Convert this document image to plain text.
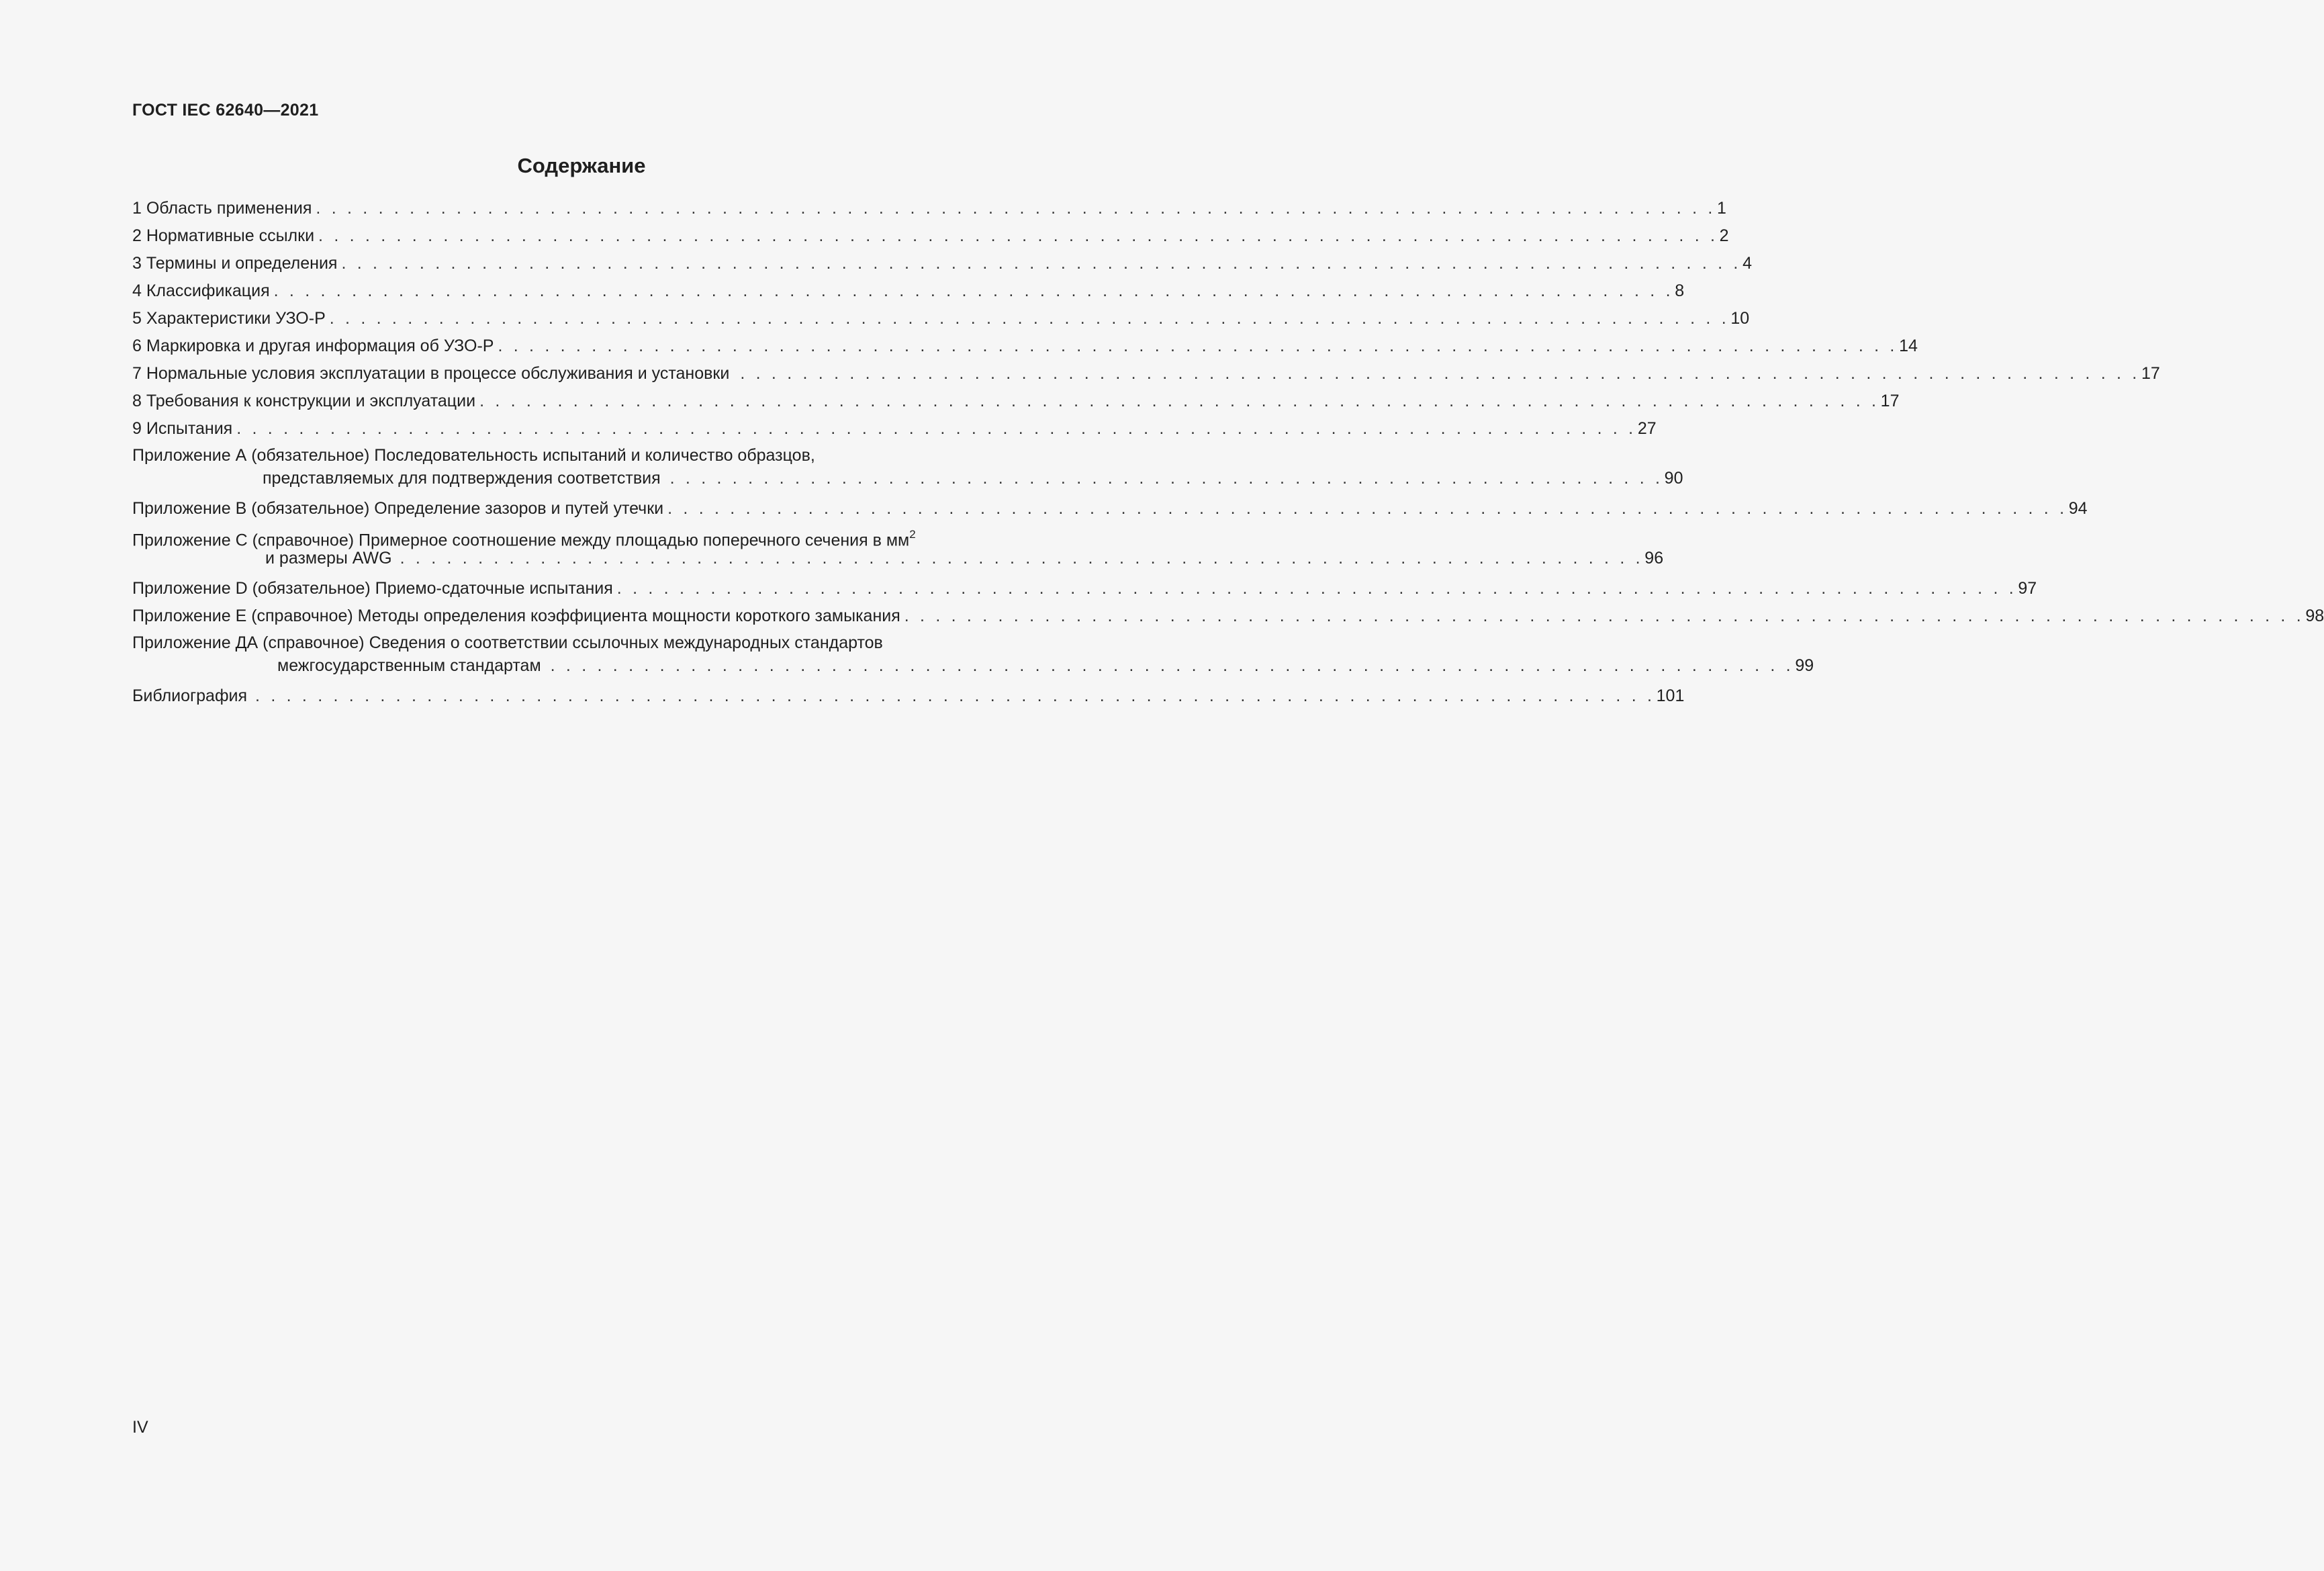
ГОСТ IEC 62640—2021
Содержание
1 Область применения . . . . . . . . . . . . . . . . . . . . . . . . . . . . . . . . . . . . . . . . . . . . . . . . . . . . . . . . . . . . . . . . . . . . . . . . . . . . . . . . . . . . . . . . . . 1
2 Нормативные ссылки . . . . . . . . . . . . . . . . . . . . . . . . . . . . . . . . . . . . . . . . . . . . . . . . . . . . . . . . . . . . . . . . . . . . . . . . . . . . . . . . . . . . . . . . . . 2
3 Термины и определения . . . . . . . . . . . . . . . . . . . . . . . . . . . . . . . . . . . . . . . . . . . . . . . . . . . . . . . . . . . . . . . . . . . . . . . . . . . . . . . . . . . . . . . . . . 4
4 Классификация . . . . . . . . . . . . . . . . . . . . . . . . . . . . . . . . . . . . . . . . . . . . . . . . . . . . . . . . . . . . . . . . . . . . . . . . . . . . . . . . . . . . . . . . . . 8
5 Характеристики УЗО-Р . . . . . . . . . . . . . . . . . . . . . . . . . . . . . . . . . . . . . . . . . . . . . . . . . . . . . . . . . . . . . . . . . . . . . . . . . . . . . . . . . . . . . . . . . . 10
6 Маркировка и другая информация об УЗО-Р . . . . . . . . . . . . . . . . . . . . . . . . . . . . . . . . . . . . . . . . . . . . . . . . . . . . . . . . . . . . . . . . . . . . . . . . . . . . . . . . . . . . . . . . . . 14
7 Нормальные условия эксплуатации в процессе обслуживания и установки . . . . . . . . . . . . . . . . . . . . . . . . . . . . . . . . . . . . . . . . . . . . . . . . . . . . . . . . . . . . . . . . . . . . . . . . . . . . . . . . . . . . . . . . . . 17
8 Требования к конструкции и эксплуатации . . . . . . . . . . . . . . . . . . . . . . . . . . . . . . . . . . . . . . . . . . . . . . . . . . . . . . . . . . . . . . . . . . . . . . . . . . . . . . . . . . . . . . . . . . 17
9 Испытания . . . . . . . . . . . . . . . . . . . . . . . . . . . . . . . . . . . . . . . . . . . . . . . . . . . . . . . . . . . . . . . . . . . . . . . . . . . . . . . . . . . . . . . . . . 27
Приложение А (обязательное) Последовательность испытаний и количество образцов,
представляемых для подтверждения соответствия . . . . . . . . . . . . . . . . . . . . . . . . . . . . . . . . . . . . . . . . . . . . . . . . . . . . . . . . . . . . . . . . 90
Приложение В (обязательное) Определение зазоров и путей утечки . . . . . . . . . . . . . . . . . . . . . . . . . . . . . . . . . . . . . . . . . . . . . . . . . . . . . . . . . . . . . . . . . . . . . . . . . . . . . . . . . . . . . . . . . . 94
Приложение С (справочное) Примерное соотношение между площадью поперечного сечения в $мм^2$
и размеры AWG . . . . . . . . . . . . . . . . . . . . . . . . . . . . . . . . . . . . . . . . . . . . . . . . . . . . . . . . . . . . . . . . . . . . . . . . . . . . . . . . 96
Приложение D (обязательное) Приемо-сдаточные испытания . . . . . . . . . . . . . . . . . . . . . . . . . . . . . . . . . . . . . . . . . . . . . . . . . . . . . . . . . . . . . . . . . . . . . . . . . . . . . . . . . . . . . . . . . . 97
Приложение Е (справочное) Методы определения коэффициента мощности короткого замыкания . . . . . . . . . . . . . . . . . . . . . . . . . . . . . . . . . . . . . . . . . . . . . . . . . . . . . . . . . . . . . . . . . . . . . . . . . . . . . . . . . . . . . . . . . . 98
Приложение ДА (справочное) Сведения о соответствии ссылочных международных стандартов
межгосударственным стандартам . . . . . . . . . . . . . . . . . . . . . . . . . . . . . . . . . . . . . . . . . . . . . . . . . . . . . . . . . . . . . . . . . . . . . . . . . . . . . . . . 99
Библиография . . . . . . . . . . . . . . . . . . . . . . . . . . . . . . . . . . . . . . . . . . . . . . . . . . . . . . . . . . . . . . . . . . . . . . . . . . . . . . . . . . . . . . . . . . 101
IV
